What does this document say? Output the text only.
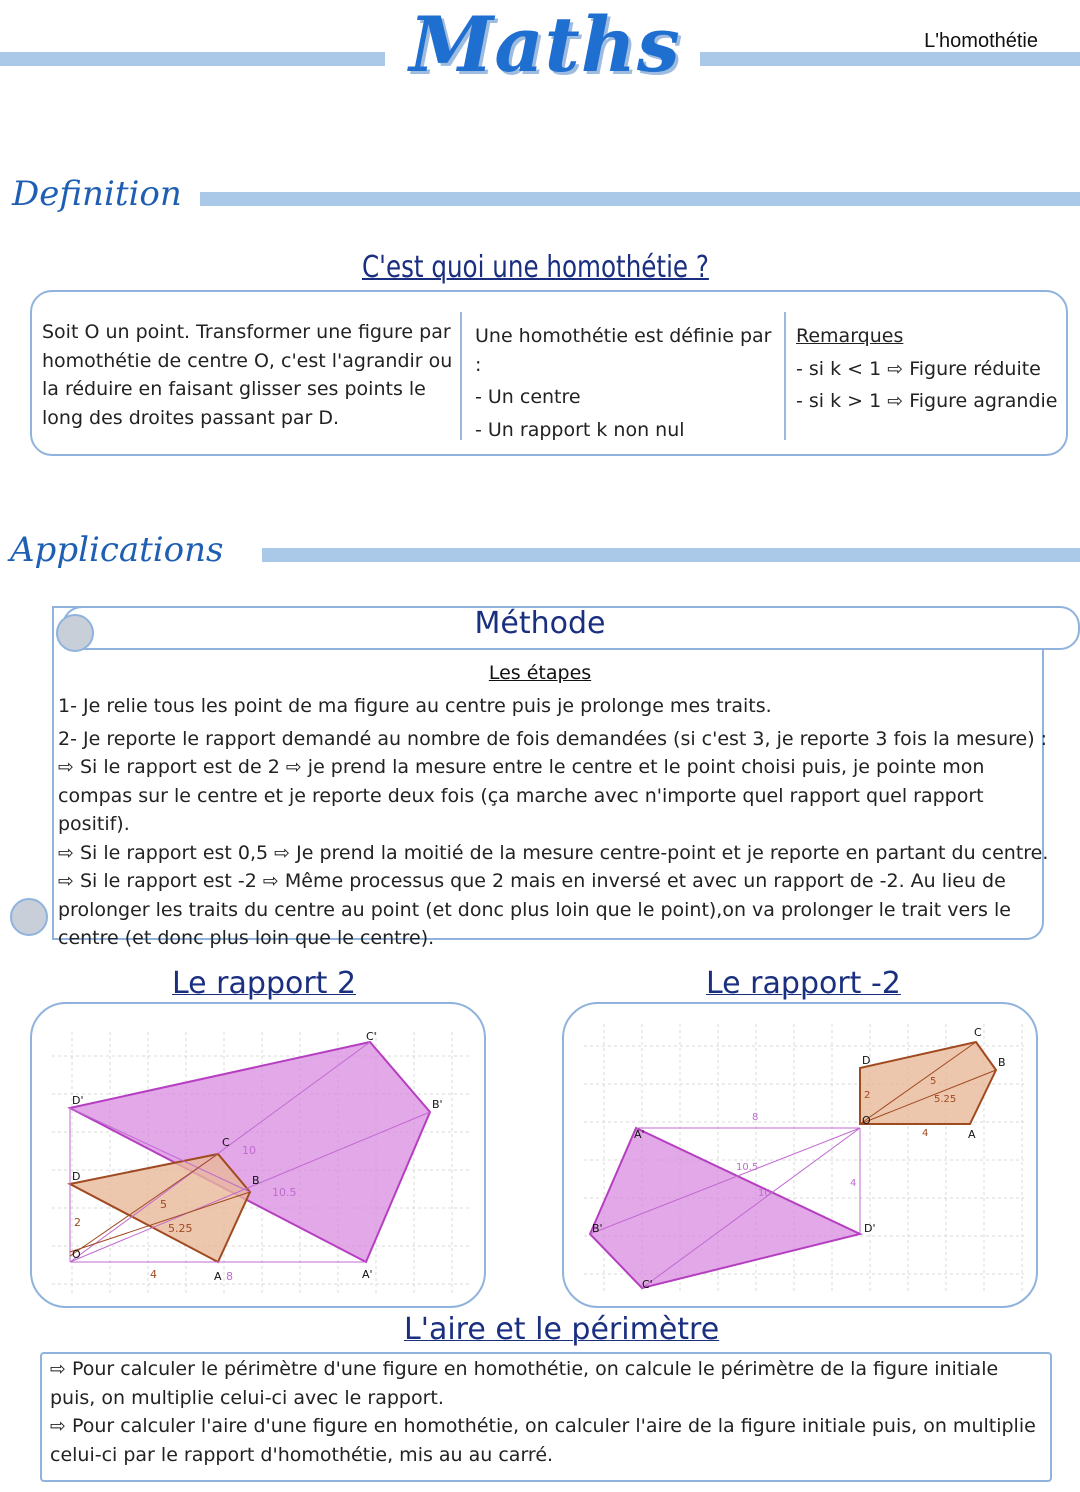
Maths	L'homothétie
Definition
C'est quoi une homothétie ?
Soit O un point. Transformer une figure par homothétie de centre O, c'est l'agrandir ou la réduire en faisant glisser ses points le long des droites passant par D.
Une homothétie est définie par :
- Un centre
- Un rapport k non nul
Remarques
- si k < 1 ⇨ Figure réduite
- si k > 1 ⇨ Figure agrandie
Applications
Méthode
Les étapes

1- Je relie tous les point de ma figure au centre puis je prolonge mes traits.

2- Je reporte le rapport demandé au nombre de fois demandées (si c'est 3, je reporte 3 fois la mesure) :

⇨ Si le rapport est de 2 ⇨ je prend la mesure entre le centre et le point choisi puis, je pointe mon compas sur le centre et je reporte deux fois (ça marche avec n'importe quel rapport quel rapport positif).

⇨ Si le rapport est 0,5 ⇨ Je prend la moitié de la mesure centre-point et je reporte en partant du centre.

⇨ Si le rapport est -2 ⇨ Même processus que 2 mais en inversé et avec un rapport de -2. Au lieu de prolonger les traits du centre au point (et donc plus loin que le point),on va prolonger le trait vers le centre (et donc plus loin que le centre).

Le rapport 2	Le rapport -2
D'
C'
B'
A'
D
C
B
A
O
2
4
5
5.25
10
10.5
8
D
C
B
A
O
A'
B'
C'
D'
2
5
5.25
4
8
10.5
10
4
L'aire et le périmètre

⇨ Pour calculer le périmètre d'une figure en homothétie, on calcule le périmètre de la figure initiale puis, on multiplie celui-ci avec le rapport.

⇨ Pour calculer l'aire d'une figure en homothétie, on calculer l'aire de la figure initiale puis, on multiplie celui-ci par le rapport d'homothétie, mis au au carré.
